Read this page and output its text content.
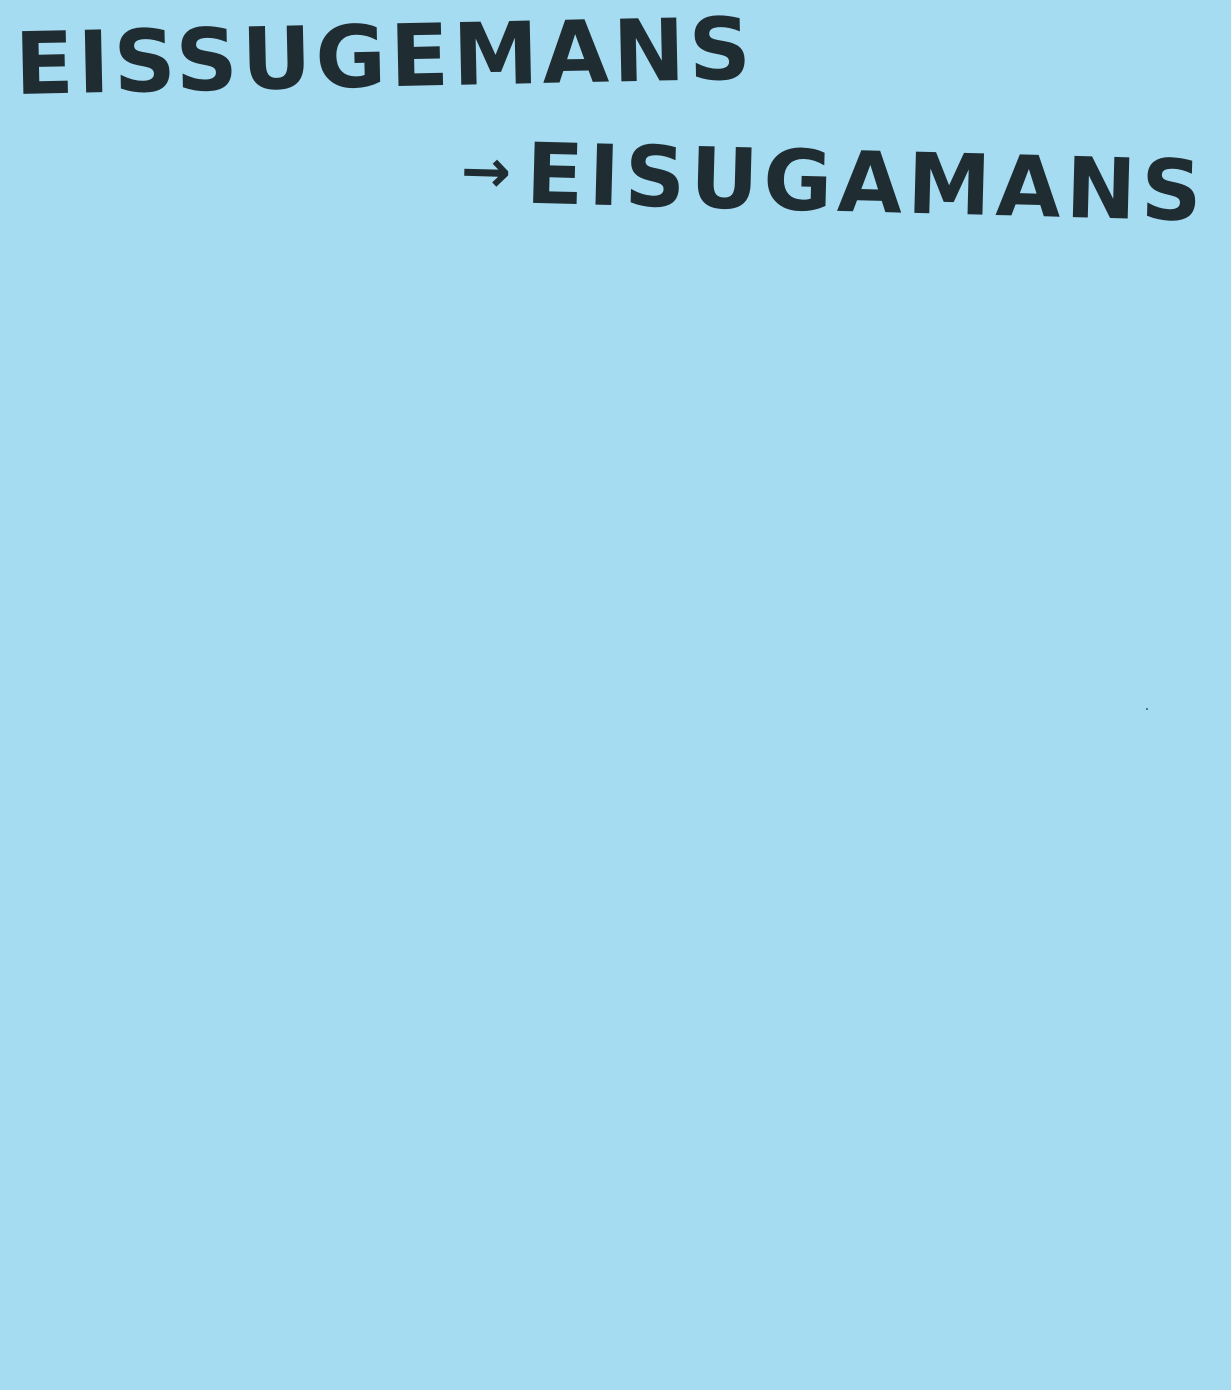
EISSUGEMANS

→EISUGAMANS
